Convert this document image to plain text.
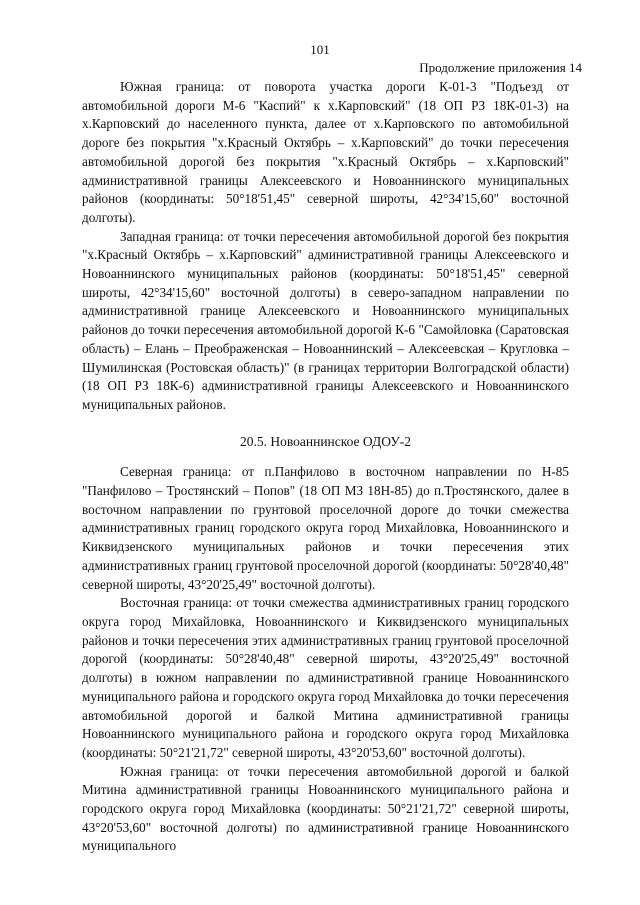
101
Продолжение приложения 14

Южная граница: от поворота участка дороги К-01-3 "Подъезд от автомобильной дороги М-6 "Каспий" к х.Карповский" (18 ОП РЗ 18К-01-3) на х.Карповский до населенного пункта, далее от х.Карповского по автомобильной дороге без покрытия "х.Красный Октябрь – х.Карповский" до точки пересечения автомобильной дорогой без покрытия "х.Красный Октябрь – х.Карповский" административной границы Алексеевского и Новоаннинского муниципальных районов (координаты: 50°18'51,45" северной широты, 42°34'15,60" восточной долготы).

Западная граница: от точки пересечения автомобильной дорогой без покрытия "х.Красный Октябрь – х.Карповский" административной границы Алексеевского и Новоаннинского муниципальных районов (координаты: 50°18'51,45" северной широты, 42°34'15,60" восточной долготы) в северо-западном направлении по административной границе Алексеевского и Новоаннинского муниципальных районов до точки пересечения автомобильной дорогой К-6 "Самойловка (Саратовская область) – Елань – Преображенская – Новоаннинский – Алексеевская – Кругловка – Шумилинская (Ростовская область)" (в границах территории Волгоградской области) (18 ОП РЗ 18К-6) административной границы Алексеевского и Новоаннинского муниципальных районов.

20.5. Новоаннинское ОДОУ-2

Северная граница: от п.Панфилово в восточном направлении по Н-85 "Панфилово – Тростянский – Попов" (18 ОП МЗ 18Н-85) до п.Тростянского, далее в восточном направлении по грунтовой проселочной дороге до точки смежества административных границ городского округа город Михайловка, Новоаннинского и Киквидзенского муниципальных районов и точки пересечения этих административных границ грунтовой проселочной дорогой (координаты: 50°28'40,48" северной широты, 43°20'25,49" восточной долготы).

Восточная граница: от точки смежества административных границ городского округа город Михайловка, Новоаннинского и Киквидзенского муниципальных районов и точки пересечения этих административных границ грунтовой проселочной дорогой (координаты: 50°28'40,48" северной широты, 43°20'25,49" восточной долготы) в южном направлении по административной границе Новоаннинского муниципального района и городского округа город Михайловка до точки пересечения автомобильной дорогой и балкой Митина административной границы Новоаннинского муниципального района и городского округа город Михайловка (координаты: 50°21'21,72" северной широты, 43°20'53,60" восточной долготы).

Южная граница: от точки пересечения автомобильной дорогой и балкой Митина административной границы Новоаннинского муниципального района и городского округа город Михайловка (координаты: 50°21'21,72" северной широты, 43°20'53,60" восточной долготы) по административной границе Новоаннинского муниципального
